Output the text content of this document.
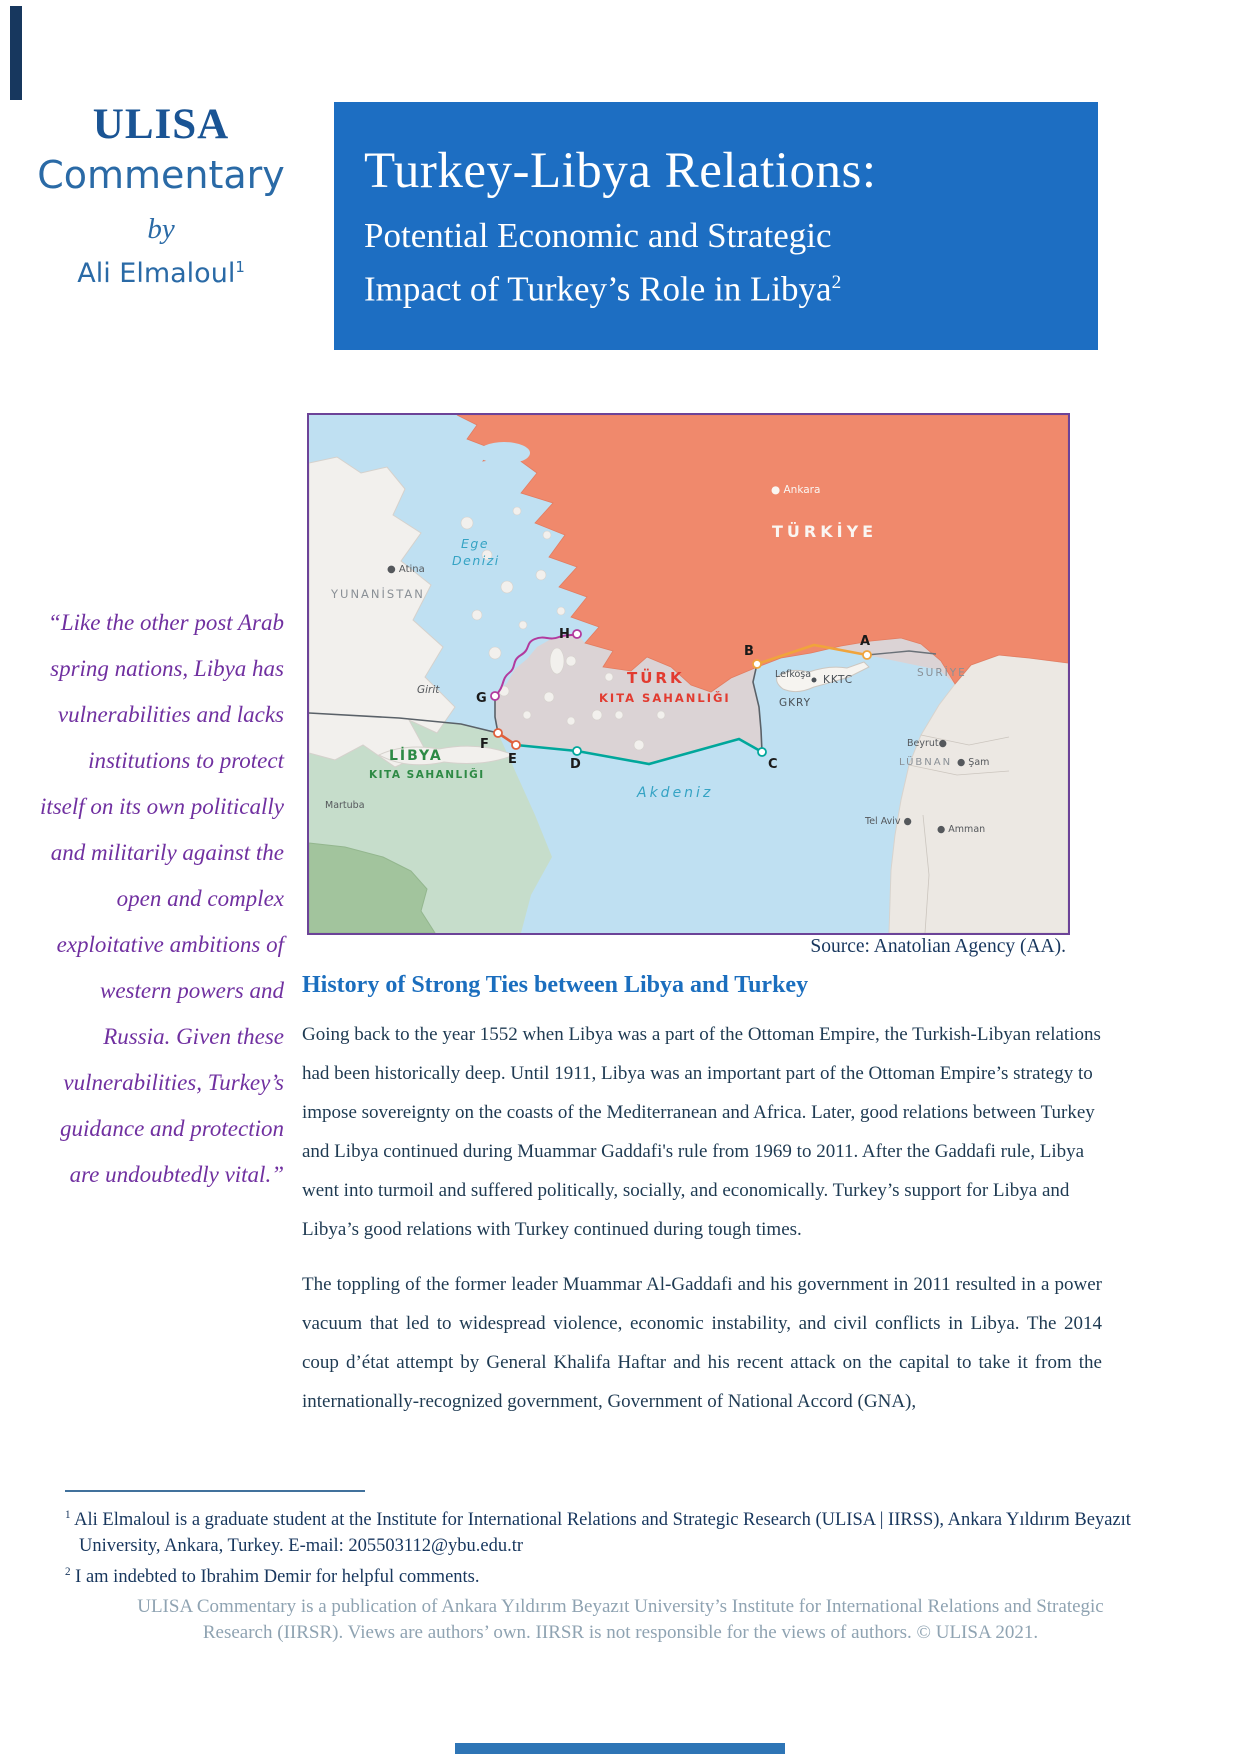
ULISA
Commentary
by
Ali Elmaloul$^1$
Turkey-Libya Relations:
Potential Economic and Strategic
Impact of Turkey’s Role in Libya$^2$
A
B
C
D
E
F
G
H
TÜRKİYE
● Ankara
Ege
Denizi
● Atina
YUNANİSTAN
Girit
TÜRK
KITA SAHANLIĞI
LİBYA
KITA SAHANLIĞI
Martuba
Akdeniz
Lefkoşa KKTC
GKRY
SURİYE
Beyrut●
LÜBNAN ● Şam
Tel Aviv ●
● Amman
Source: Anatolian Agency (AA).
“Like the other post Arab spring nations, Libya has vulnerabilities and lacks institutions to protect itself on its own politically and militarily against the open and complex exploitative ambitions of western powers and Russia. Given these vulnerabilities, Turkey’s guidance and protection are undoubtedly vital.”
History of Strong Ties between Libya and Turkey

Going back to the year 1552 when Libya was a part of the Ottoman Empire, the Turkish-Libyan relations had been historically deep. Until 1911, Libya was an important part of the Ottoman Empire’s strategy to impose sovereignty on the coasts of the Mediterranean and Africa. Later, good relations between Turkey and Libya continued during Muammar Gaddafi's rule from 1969 to 2011. After the Gaddafi rule, Libya went into turmoil and suffered politically, socially, and economically. Turkey’s support for Libya and Libya’s good relations with Turkey continued during tough times.

The toppling of the former leader Muammar Al-Gaddafi and his government in 2011 resulted in a power vacuum that led to widespread violence, economic instability, and civil conflicts in Libya. The 2014 coup d’état attempt by General Khalifa Haftar and his recent attack on the capital to take it from the internationally-recognized government, Government of National Accord (GNA),

$^1$ Ali Elmaloul is a graduate student at the Institute for International Relations and Strategic Research (ULISA | IIRSS), Ankara Yıldırım Beyazıt University, Ankara, Turkey. E-mail: 205503112@ybu.edu.tr
$^2$ I am indebted to Ibrahim Demir for helpful comments.
ULISA Commentary is a publication of Ankara Yıldırım Beyazıt University’s Institute for International Relations and Strategic
Research (IIRSR). Views are authors’ own. IIRSR is not responsible for the views of authors. © ULISA 2021.
